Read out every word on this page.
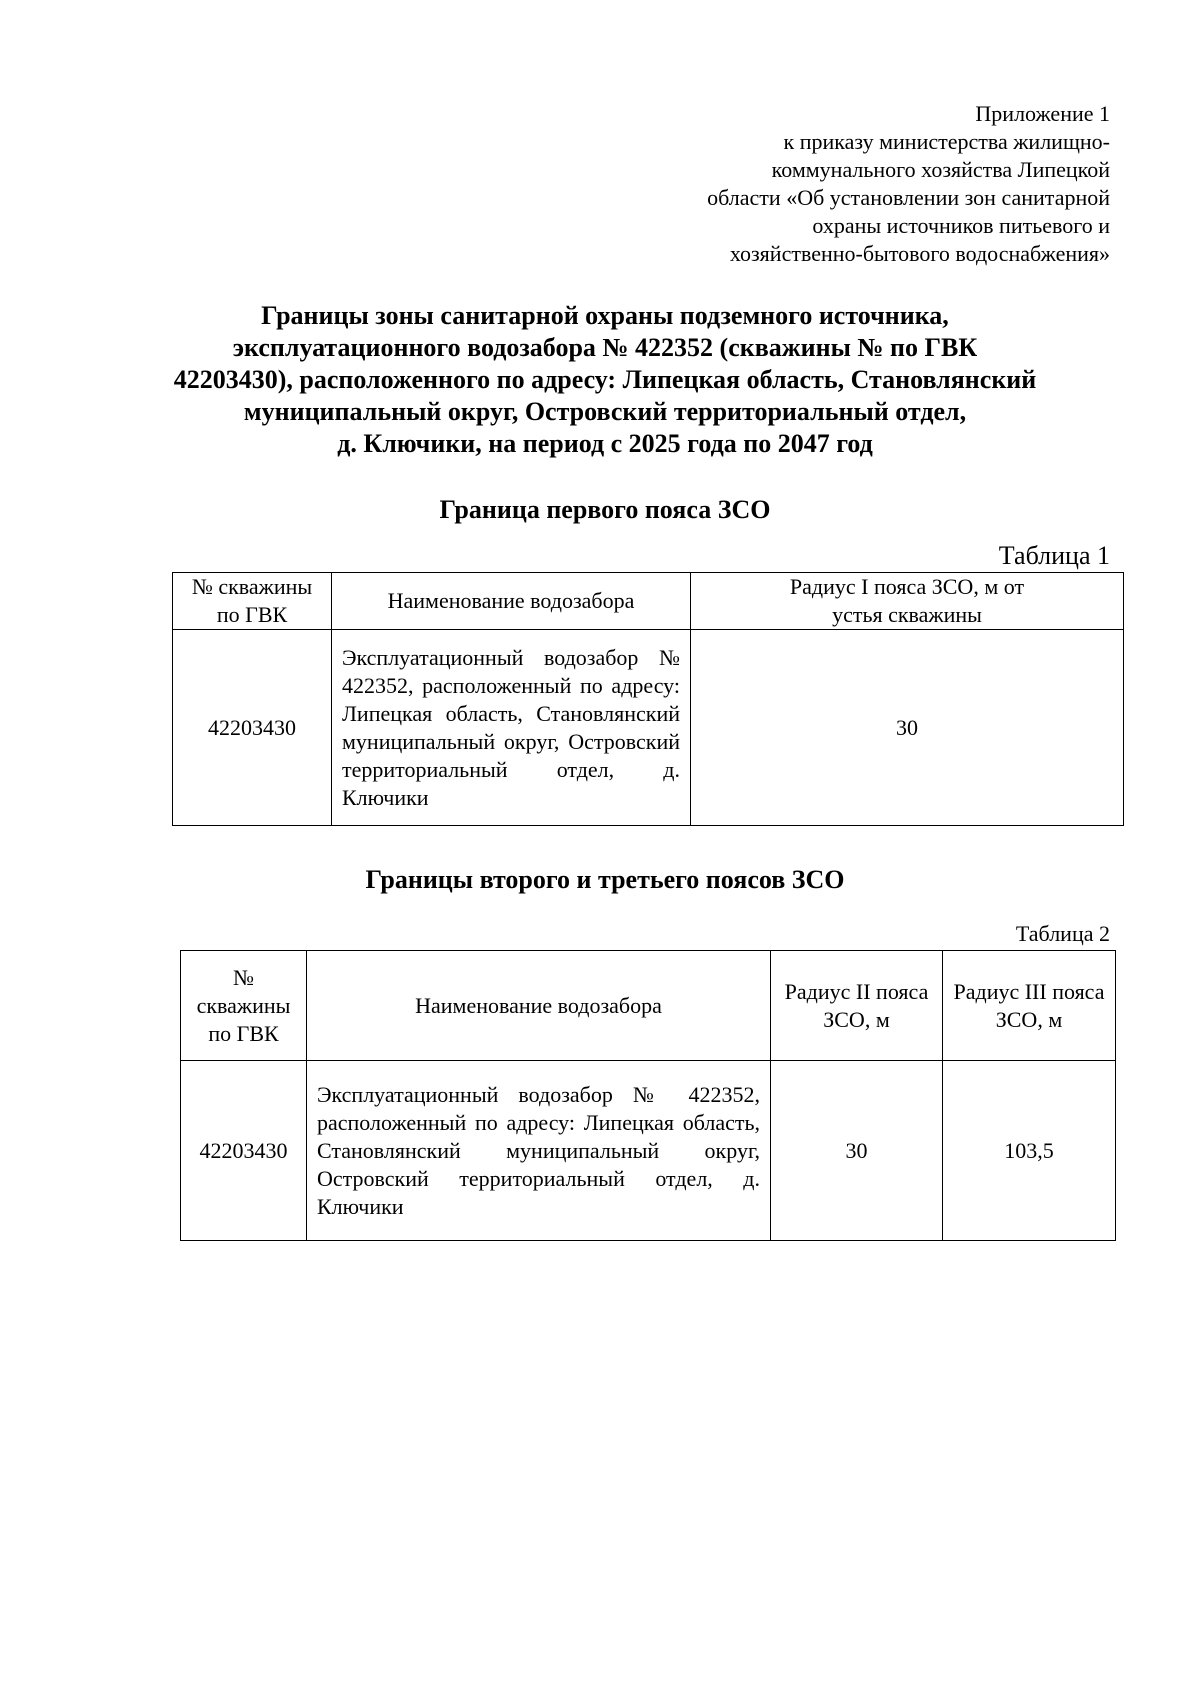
Приложение 1
к приказу министерства жилищно-
коммунального хозяйства Липецкой
области «Об установлении зон санитарной
охраны источников питьевого и
хозяйственно-бытового водоснабжения»
Границы зоны санитарной охраны подземного источника,
эксплуатационного водозабора № 422352 (скважины № по ГВК
42203430), расположенного по адресу: Липецкая область, Становлянский
муниципальный округ, Островский территориальный отдел,
д. Ключики, на период с 2025 года по 2047 год
Граница первого пояса ЗСО
Таблица 1
№ скважины по ГВК	Наименование водозабора	Радиус I пояса ЗСО, м от устья скважины
42203430	Эксплуатационный водозабор № 422352, расположенный по адресу: Липецкая область, Становлянский муниципальный округ, Островский территориальный отдел, д. Ключики	30
Границы второго и третьего поясов ЗСО
Таблица 2
№ скважины по ГВК	Наименование водозабора	Радиус II пояса ЗСО, м	Радиус III пояса ЗСО, м
42203430	Эксплуатационный водозабор № 422352, расположенный по адресу: Липецкая область, Становлянский муниципальный округ, Островский территориальный отдел, д. Ключики	30	103,5
